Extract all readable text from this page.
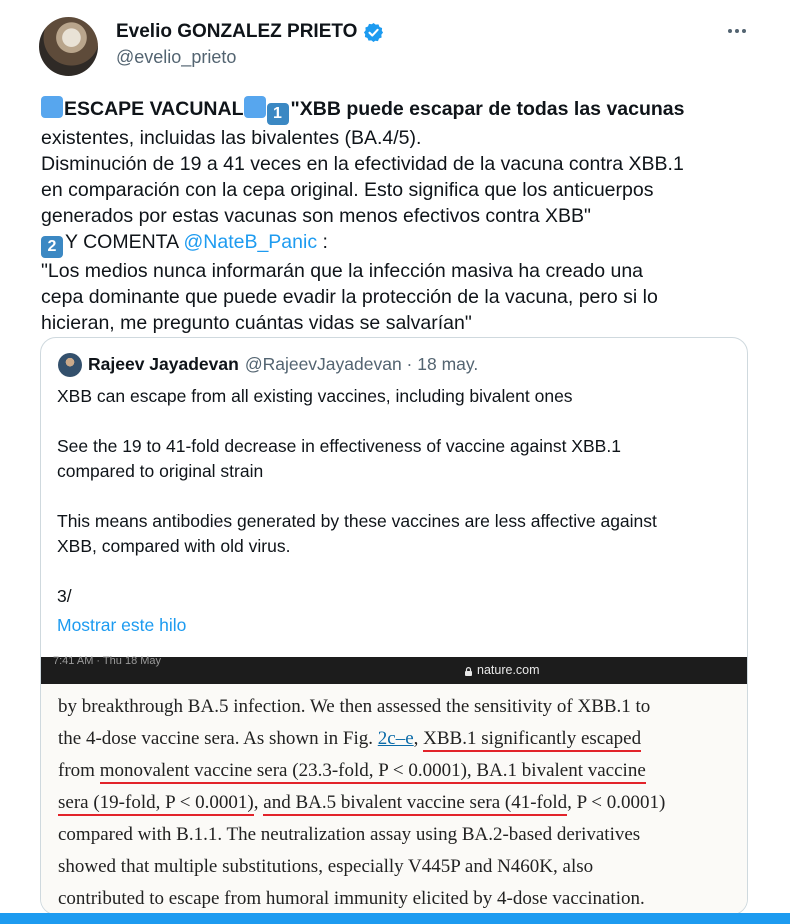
Evelio GONZALEZ PRIETO
@evelio_prieto
ESCAPE VACUNAL 1 "XBB puede escapar de todas las vacunas
existentes, incluidas las bivalentes (BA.4/5).
Disminución de 19 a 41 veces en la efectividad de la vacuna contra XBB.1
en comparación con la cepa original. Esto significa que los anticuerpos
generados por estas vacunas son menos efectivos contra XBB"
2 Y COMENTA @NateB_Panic :
"Los medios nunca informarán que la infección masiva ha creado una
cepa dominante que puede evadir la protección de la vacuna, pero si lo
hicieran, me pregunto cuántas vidas se salvarían"
Rajeev Jayadevan @RajeevJayadevan · 18 may.

XBB can escape from all existing vaccines, including bivalent ones

See the 19 to 41-fold decrease in effectiveness of vaccine against XBB.1

compared to original strain

This means antibodies generated by these vaccines are less affective against

XBB, compared with old virus.

3/

Mostrar este hilo
7:41 AM · Thu 18 May
nature.com
by breakthrough BA.5 infection. We then assessed the sensitivity of XBB.1 to
the 4-dose vaccine sera. As shown in Fig. 2c–e, XBB.1 significantly escaped
from monovalent vaccine sera (23.3-fold, P < 0.0001), BA.1 bivalent vaccine
sera (19-fold, P < 0.0001), and BA.5 bivalent vaccine sera (41-fold, P < 0.0001)
compared with B.1.1. The neutralization assay using BA.2-based derivatives
showed that multiple substitutions, especially V445P and N460K, also
contributed to escape from humoral immunity elicited by 4-dose vaccination.
